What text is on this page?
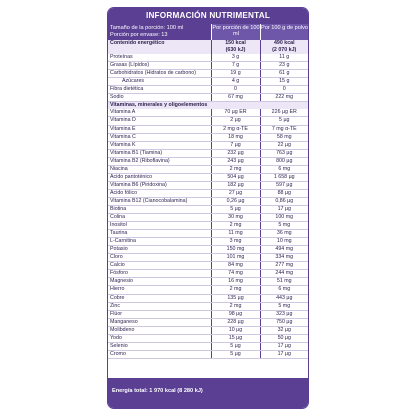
INFORMACIÓN NUTRIMENTAL
Tamaño de la porción: 100 ml
Porción por envase: 13
Por porción de 100 ml
Por 100 g de polvo
Contenido energético	150 kcal	490 kcal
	(630 kJ)	(2 070 kJ)
Proteínas	3 g	11 g
Grasas (Lípidos)	7 g	23 g
Carbohidratos (Hidratos de carbono)	19 g	61 g
Azúcares	4 g	15 g
Fibra dietética	0	0
Sodio	67 mg	222 mg
Vitaminas, minerales y oligoelementos		
Vitamina A	70 µg ER	226 µg ER
Vitamina D	2 µg	5 µg
Vitamina E	2 mg α-TE	7 mg α-TE
Vitamina C	18 mg	58 mg
Vitamina K	7 µg	22 µg
Vitamina B1 (Tiamina)	232 µg	763 µg
Vitamina B2 (Riboflavina)	243 µg	800 µg
Niacina	2 mg	6 mg
Ácido pantoténico	504 µg	1 658 µg
Vitamina B6 (Piridoxina)	182 µg	597 µg
Ácido fólico	27 µg	88 µg
Vitamina B12 (Cianocobalamina)	0,26 µg	0,86 µg
Biotina	5 µg	17 µg
Colina	30 mg	100 mg
Inositol	2 mg	5 mg
Taurina	11 mg	36 mg
L-Carnitina	3 mg	10 mg
Potasio	150 mg	494 mg
Cloro	101 mg	334 mg
Calcio	84 mg	277 mg
Fósforo	74 mg	244 mg
Magnesio	16 mg	51 mg
Hierro	2 mg	6 mg
Cobre	135 µg	443 µg
Zinc	2 mg	5 mg
Flúor	98 µg	323 µg
Manganeso	228 µg	750 µg
Molibdeno	10 µg	32 µg
Yodo	15 µg	50 µg
Selenio	5 µg	17 µg
Cromo	5 µg	17 µg
Energía total: 1 970 kcal (8 280 kJ)
